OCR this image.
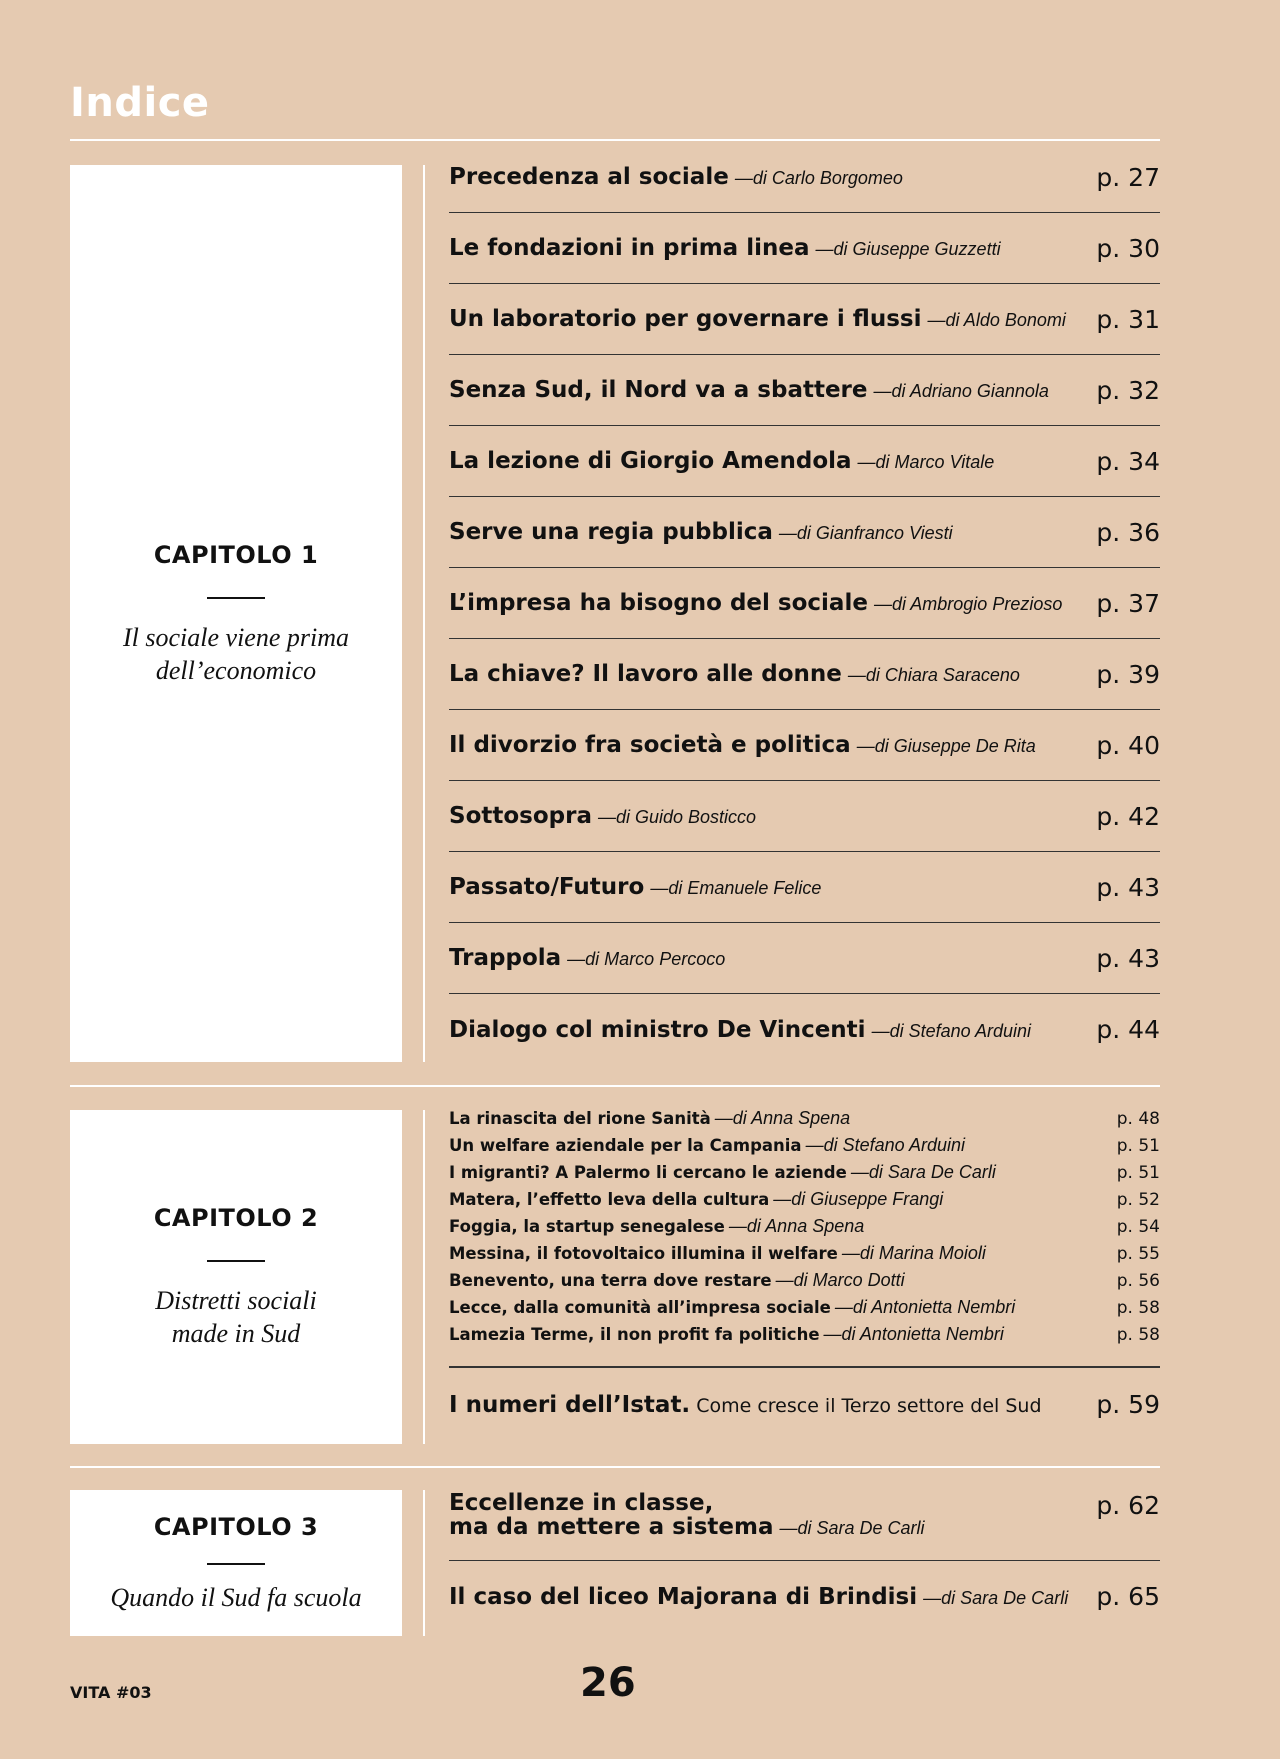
Indice
CAPITOLO 1
Il sociale viene prima dell’economico
Precedenza al sociale —di Carlo Borgomeo	p. 27
Le fondazioni in prima linea —di Giuseppe Guzzetti	p. 30
Un laboratorio per governare i flussi —di Aldo Bonomi p. 31
Senza Sud, il Nord va a sbattere —di Adriano Giannola p. 32
La lezione di Giorgio Amendola —di Marco Vitale	p. 34
Serve una regia pubblica —di Gianfranco Viesti	p. 36
L’impresa ha bisogno del sociale —di Ambrogio Prezioso p. 37
La chiave? Il lavoro alle donne —di Chiara Saraceno	p. 39
Il divorzio fra società e politica —di Giuseppe De Rita p. 40
Sottosopra —di Guido Bosticco	p. 42
Passato/Futuro —di Emanuele Felice	p. 43
Trappola —di Marco Percoco	p. 43
Dialogo col ministro De Vincenti —di Stefano Arduini	p. 44
CAPITOLO 2
Distretti sociali made in Sud
La rinascita del rione Sanità —di Anna Spena	p. 48
Un welfare aziendale per la Campania —di Stefano Arduini	p. 51
I migranti? A Palermo li cercano le aziende —di Sara De Carli	p. 51
Matera, l’effetto leva della cultura —di Giuseppe Frangi	p. 52
Foggia, la startup senegalese —di Anna Spena	p. 54
Messina, il fotovoltaico illumina il welfare —di Marina Moioli	p. 55
Benevento, una terra dove restare —di Marco Dotti	p. 56
Lecce, dalla comunità all’impresa sociale —di Antonietta Nembri	p. 58
Lamezia Terme, il non profit fa politiche —di Antonietta Nembri	p. 58
I numeri dell’Istat. Come cresce il Terzo settore del Sud p. 59
CAPITOLO 3
Quando il Sud fa scuola
Eccellenze in classe,
ma da mettere a sistema —di Sara De Carli
p. 62
Il caso del liceo Majorana di Brindisi —di Sara De Carli p. 65
VITA #03	26
